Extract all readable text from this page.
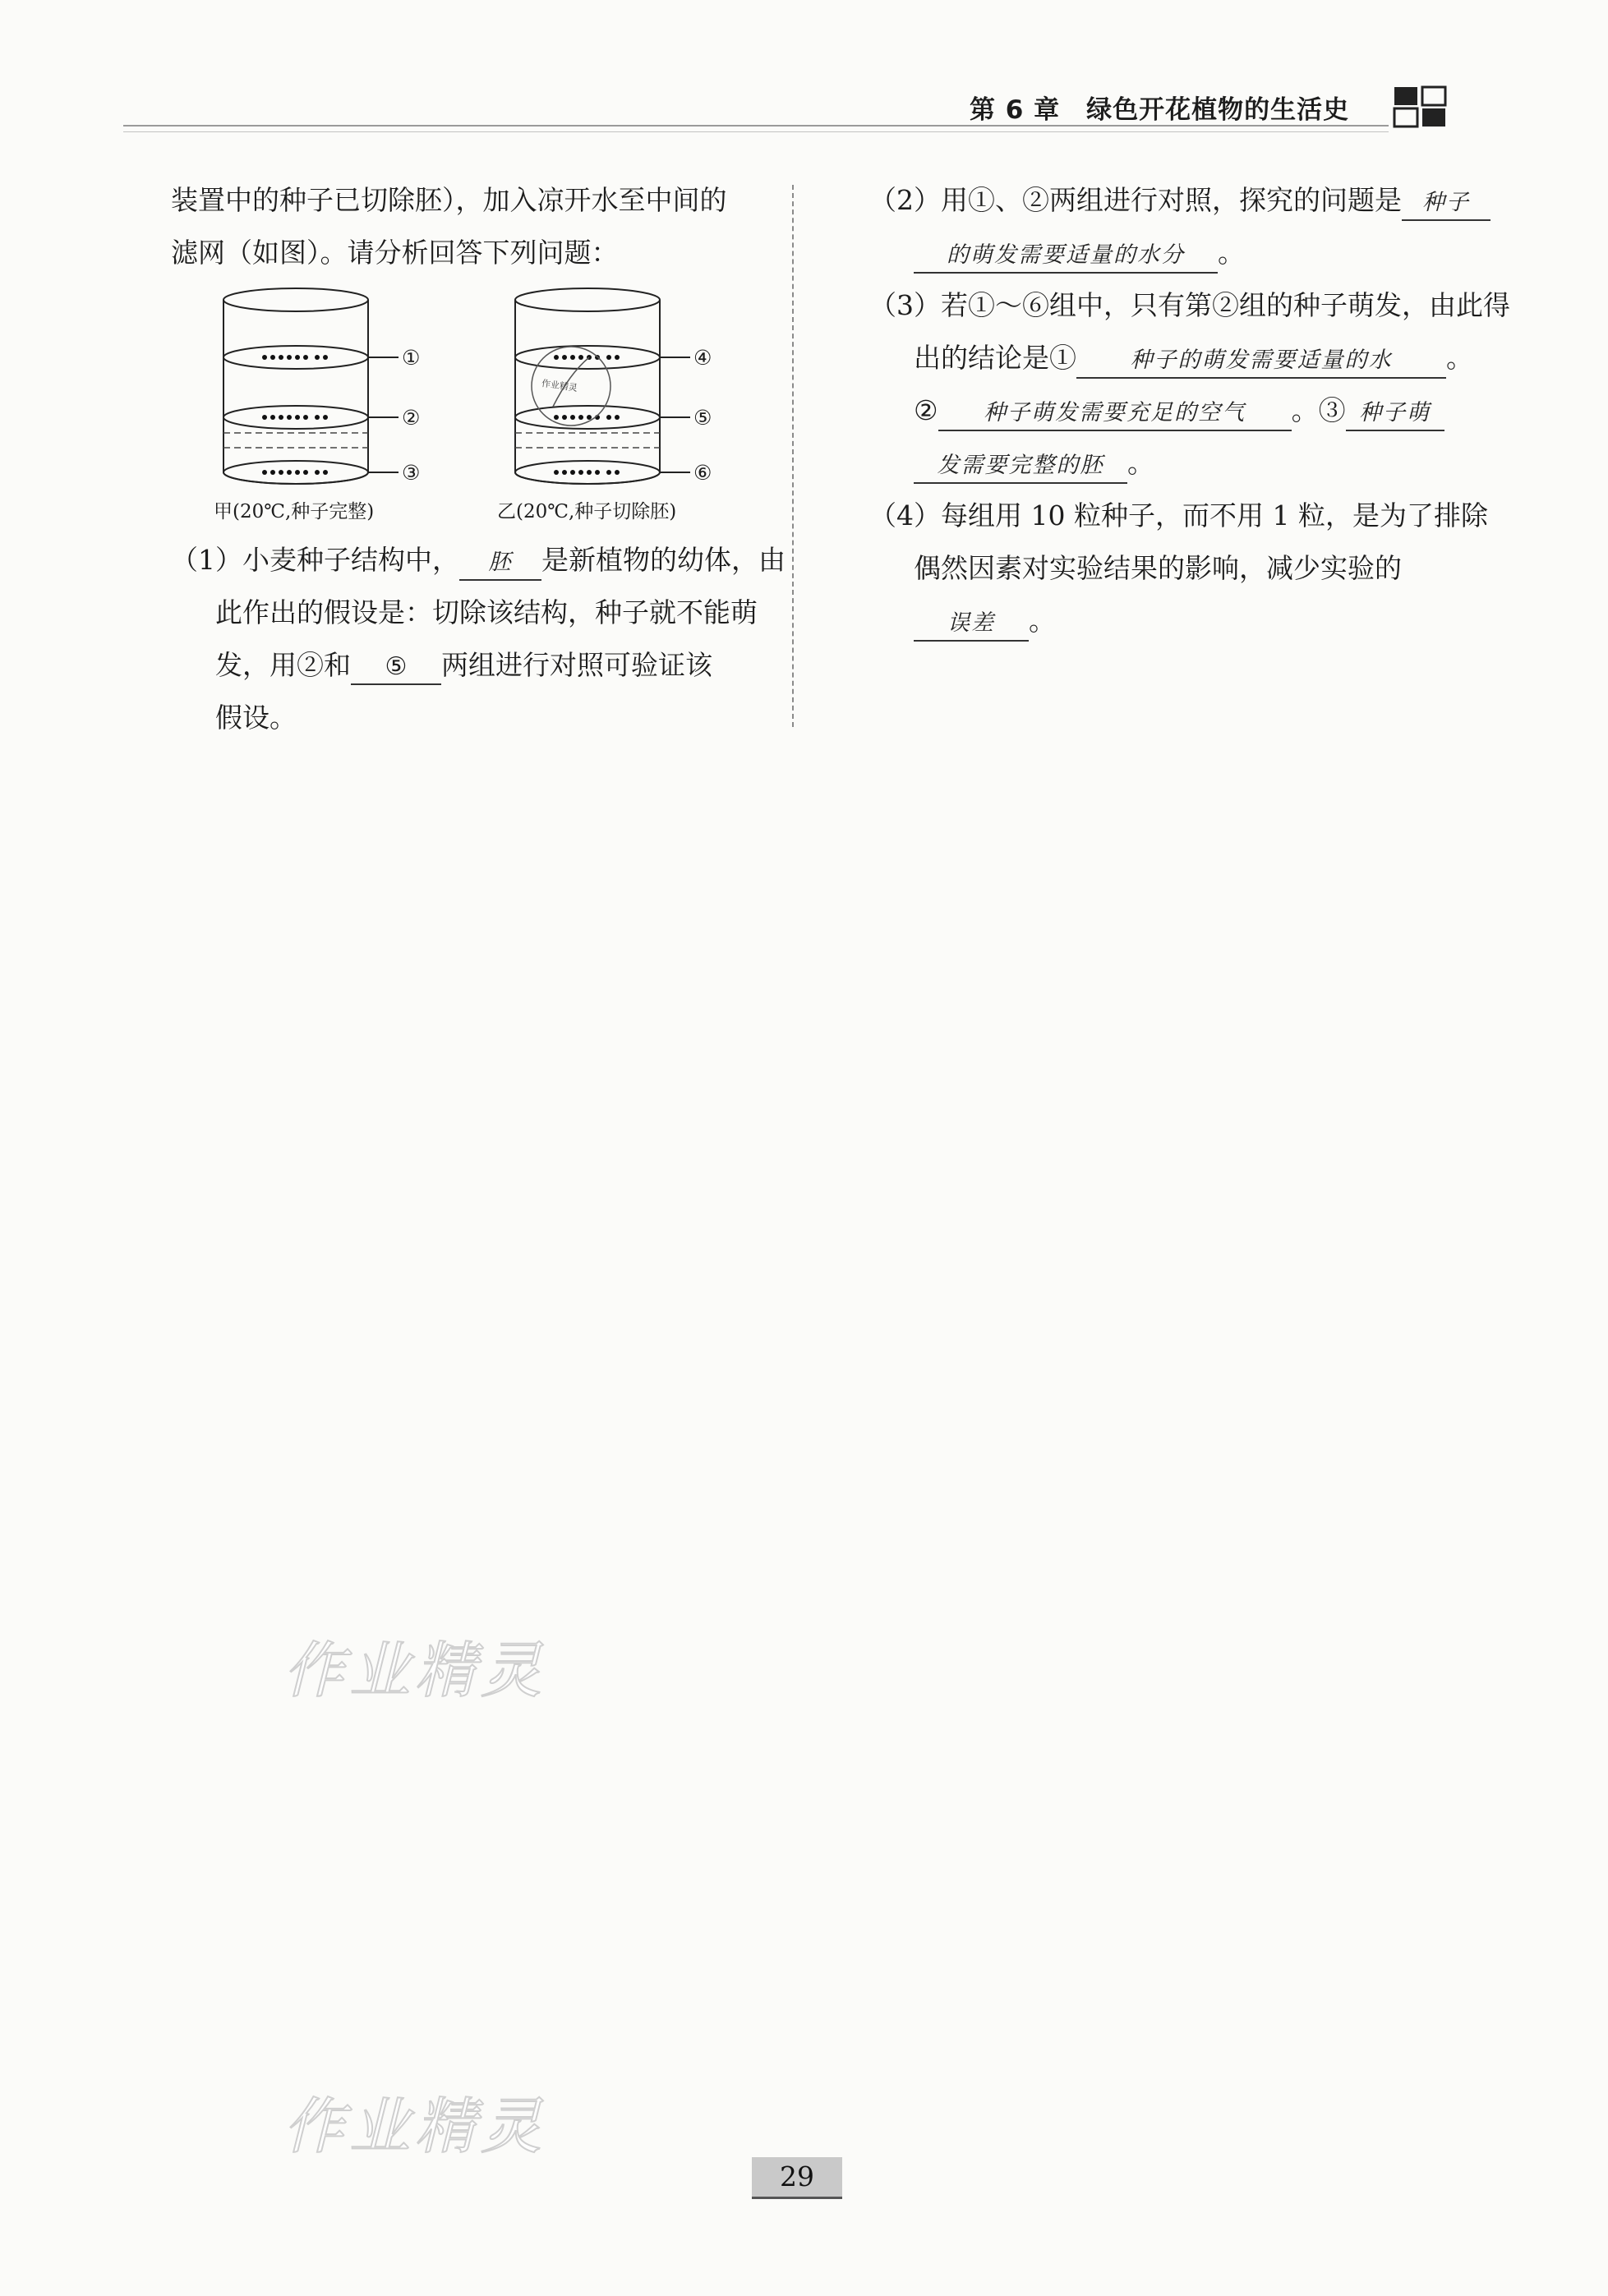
第 6 章　绿色开花植物的生活史

装置中的种子已切除胚），加入凉开水至中间的

滤网（如图）。请分析回答下列问题：

①
②
③
甲(20℃,种子完整)
作业精灵
④
⑤
⑥
乙(20℃,种子切除胚)

（1）小麦种子结构中， 胚 是新植物的幼体，由

此作出的假设是：切除该结构，种子就不能萌

发，用②和 ⑤ 两组进行对照可验证该

假设。

（2）用①、②两组进行对照，探究的问题是 种子

的萌发需要适量的水分 。

（3）若①～⑥组中，只有第②组的种子萌发，由此得

出的结论是① 种子的萌发需要适量的水 。

② 种子萌发需要充足的空气 。③ 种子萌

发需要完整的胚 。

（4）每组用 10 粒种子，而不用 1 粒，是为了排除

偶然因素对实验结果的影响，减少实验的

误差 。

作业精灵
作业精灵
29
